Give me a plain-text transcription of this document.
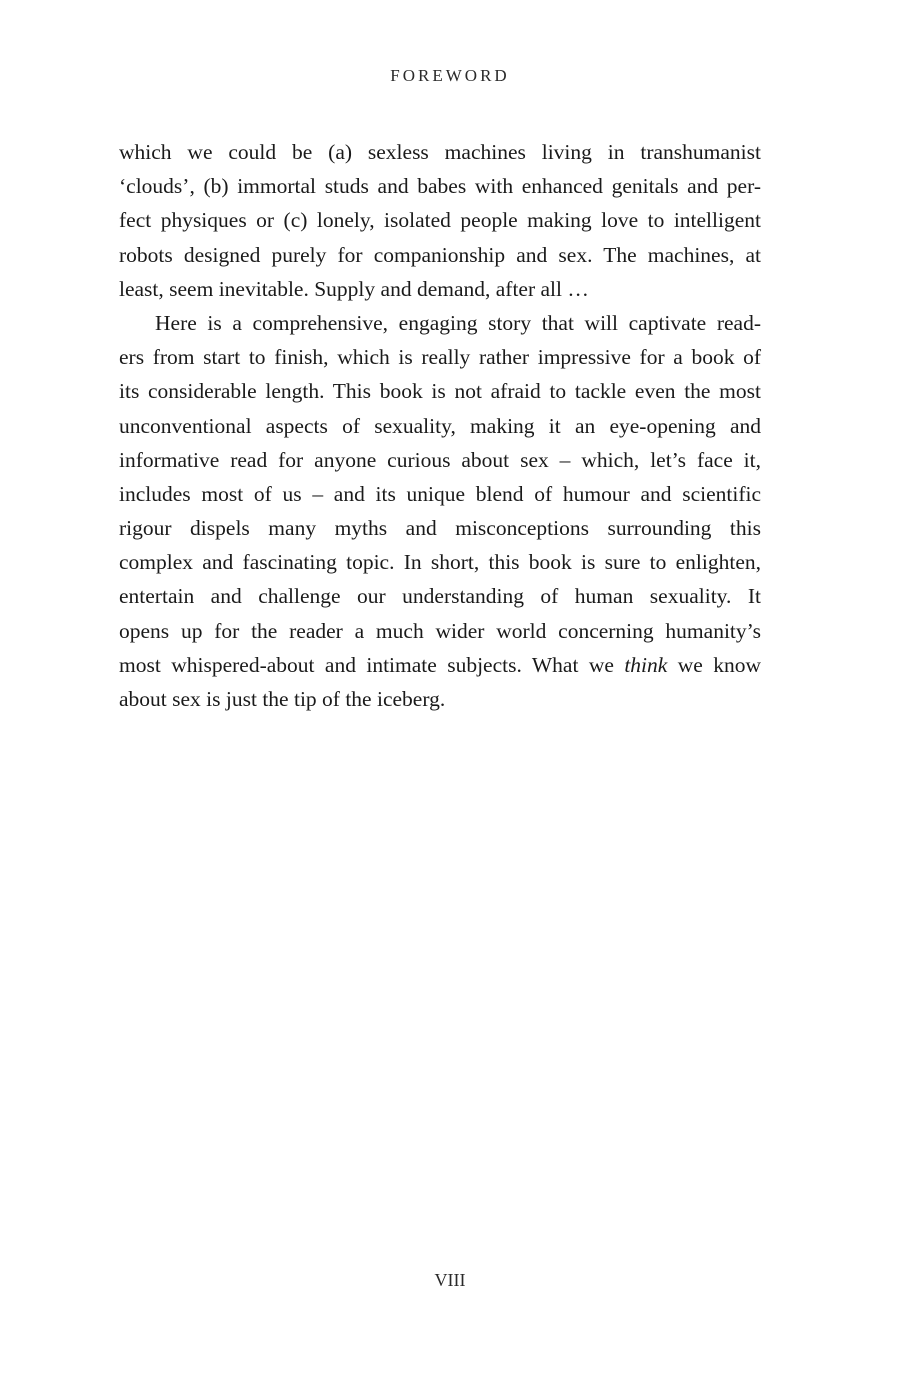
FOREWORD
which we could be (a) sexless machines living in transhumanist
‘clouds’, (b) immortal studs and babes with enhanced genitals and per-
fect physiques or (c) lonely, isolated people making love to intelligent
robots designed purely for companionship and sex. The machines, at
least, seem inevitable. Supply and demand, after all …
Here is a comprehensive, engaging story that will captivate read-
ers from start to finish, which is really rather impressive for a book of
its considerable length. This book is not afraid to tackle even the most
unconventional aspects of sexuality, making it an eye-opening and
informative read for anyone curious about sex – which, let’s face it,
includes most of us – and its unique blend of humour and scientific
rigour dispels many myths and misconceptions surrounding this
complex and fascinating topic. In short, this book is sure to enlighten,
entertain and challenge our understanding of human sexuality. It
opens up for the reader a much wider world concerning humanity’s
most whispered-about and intimate subjects. What we think we know
about sex is just the tip of the iceberg.
VIII
